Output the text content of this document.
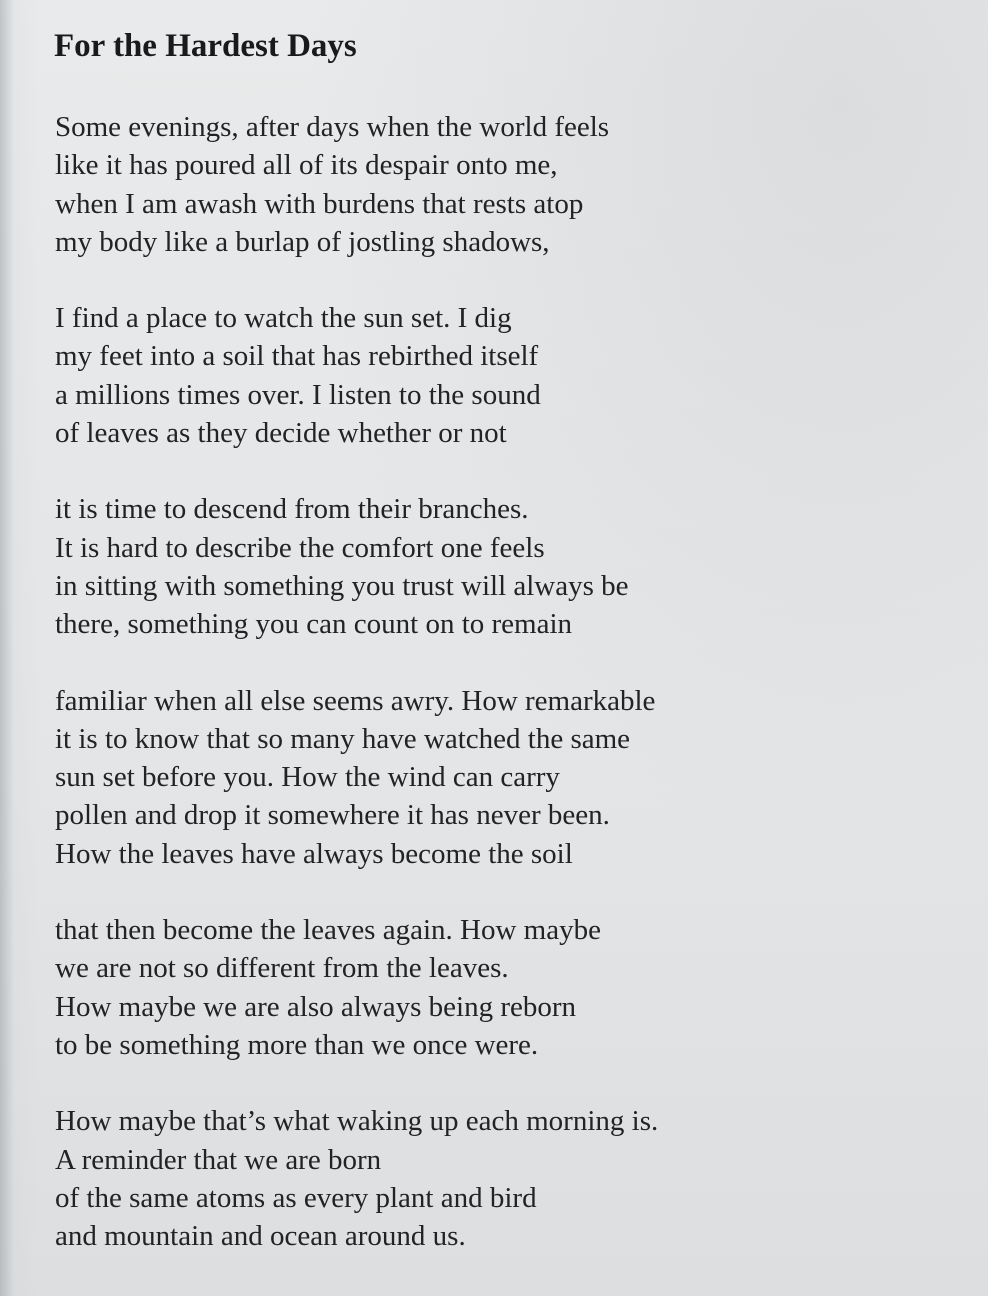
For the Hardest Days
Some evenings, after days when the world feels
like it has poured all of its despair onto me,
when I am awash with burdens that rests atop
my body like a burlap of jostling shadows,
I find a place to watch the sun set. I dig
my feet into a soil that has rebirthed itself
a millions times over. I listen to the sound
of leaves as they decide whether or not
it is time to descend from their branches.
It is hard to describe the comfort one feels
in sitting with something you trust will always be
there, something you can count on to remain
familiar when all else seems awry. How remarkable
it is to know that so many have watched the same
sun set before you. How the wind can carry
pollen and drop it somewhere it has never been.
How the leaves have always become the soil
that then become the leaves again. How maybe
we are not so different from the leaves.
How maybe we are also always being reborn
to be something more than we once were.
How maybe that’s what waking up each morning is.
A reminder that we are born
of the same atoms as every plant and bird
and mountain and ocean around us.
